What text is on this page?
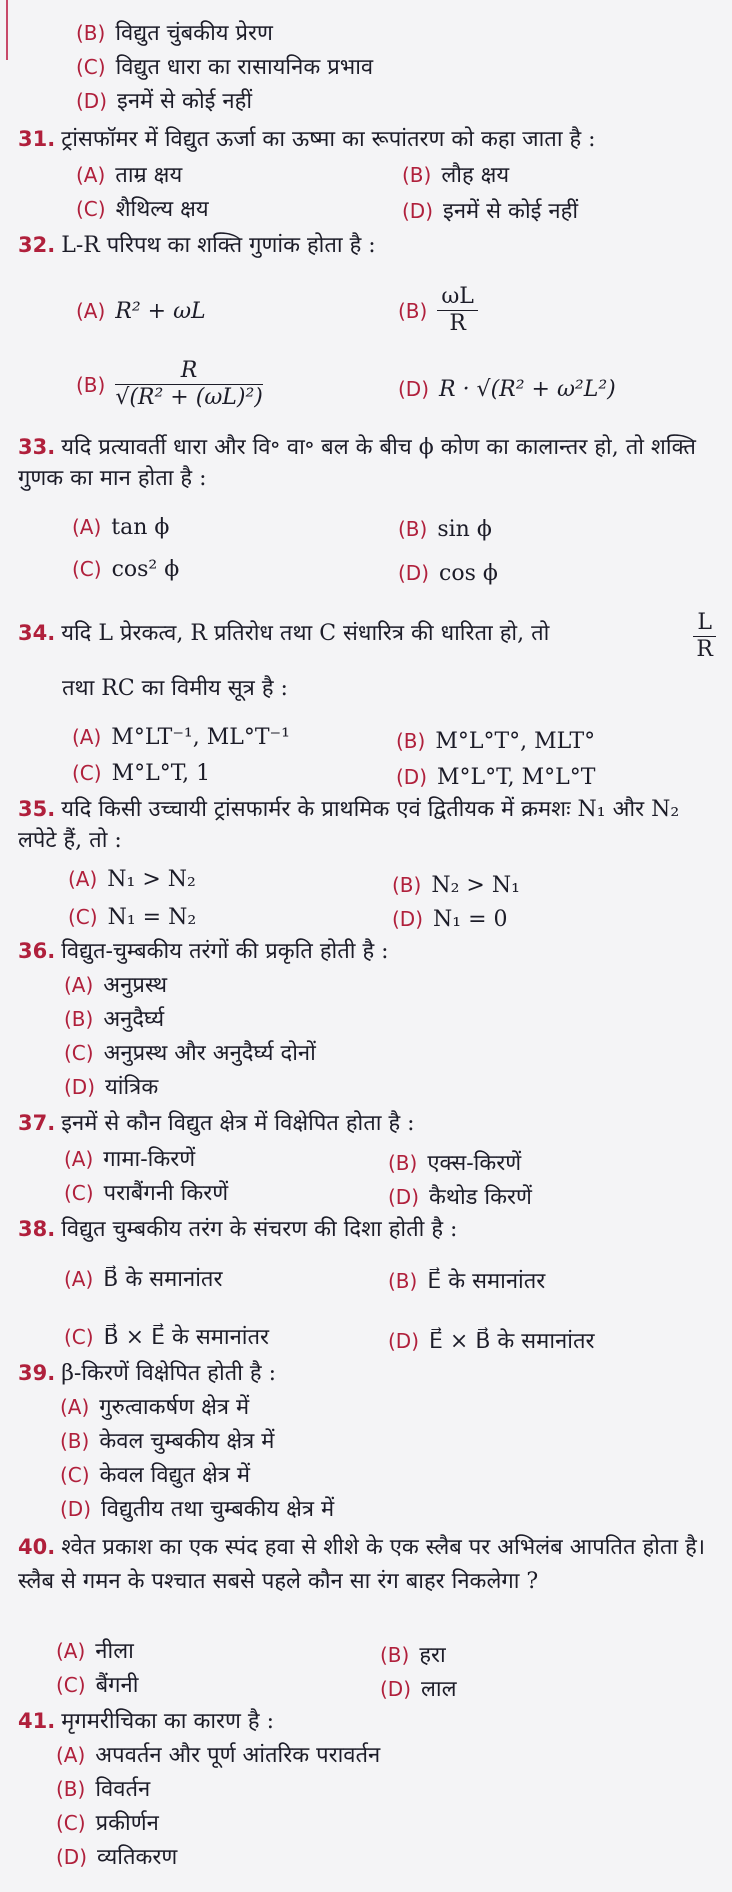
(B) विद्युत चुंबकीय प्रेरण
(C) विद्युत धारा का रासायनिक प्रभाव
(D) इनमें से कोई नहीं

31. ट्रांसफॉमर में विद्युत ऊर्जा का ऊष्मा का रूपांतरण को कहा जाता है :

(A) ताम्र क्षय	(B) लौह क्षय
(C) शैथिल्य क्षय	(D) इनमें से कोई नहीं

32. L-R परिपथ का शक्ति गुणांक होता है :

(A) R² + ωL	$(B) \frac{\omega L}{R}$
$(B) \frac{R}{\text{√(R² + (ωL)²)}}$	(D) R · √(R² + ω²L²)

33. यदि प्रत्यावर्ती धारा और वि॰ वा॰ बल के बीच ϕ कोण का कालान्तर हो, तो शक्ति गुणक का मान होता है :

(A) tan ϕ	(B) sin ϕ
(C) cos² ϕ	(D) cos ϕ

34. यदि L प्रेरकत्व, R प्रतिरोध तथा C संधारित्र की धारिता हो, तो	$\frac{L}{R}$

तथा RC का विमीय सूत्र है :

(A) M°LT⁻¹, ML°T⁻¹	(B) M°L°T°, MLT°
(C) M°L°T, 1	(D) M°L°T, M°L°T

35. यदि किसी उच्चायी ट्रांसफार्मर के प्राथमिक एवं द्वितीयक में क्रमशः N₁ और N₂ लपेटे हैं, तो :

(A) N₁ > N₂	(B) N₂ > N₁
(C) N₁ = N₂	(D) N₁ = 0

36. विद्युत-चुम्बकीय तरंगों की प्रकृति होती है :

(A) अनुप्रस्थ
(B) अनुदैर्घ्य
(C) अनुप्रस्थ और अनुदैर्घ्य दोनों
(D) यांत्रिक

37. इनमें से कौन विद्युत क्षेत्र में विक्षेपित होता है :

(A) गामा-किरणें	(B) एक्स-किरणें
(C) पराबैंगनी किरणें	(D) कैथोड किरणें

38. विद्युत चुम्बकीय तरंग के संचरण की दिशा होती है :

(A) B⃗ के समानांतर	(B) E⃗ के समानांतर
(C) B⃗ × E⃗ के समानांतर	(D) E⃗ × B⃗ के समानांतर

39. β-किरणें विक्षेपित होती है :

(A) गुरुत्वाकर्षण क्षेत्र में
(B) केवल चुम्बकीय क्षेत्र में
(C) केवल विद्युत क्षेत्र में
(D) विद्युतीय तथा चुम्बकीय क्षेत्र में

40. श्वेत प्रकाश का एक स्पंद हवा से शीशे के एक स्लैब पर अभिलंब आपतित होता है। स्लैब से गमन के पश्चात सबसे पहले कौन सा रंग बाहर निकलेगा ?

(A) नीला	(B) हरा
(C) बैंगनी	(D) लाल

41. मृगमरीचिका का कारण है :

(A) अपवर्तन और पूर्ण आंतरिक परावर्तन
(B) विवर्तन
(C) प्रकीर्णन
(D) व्यतिकरण
